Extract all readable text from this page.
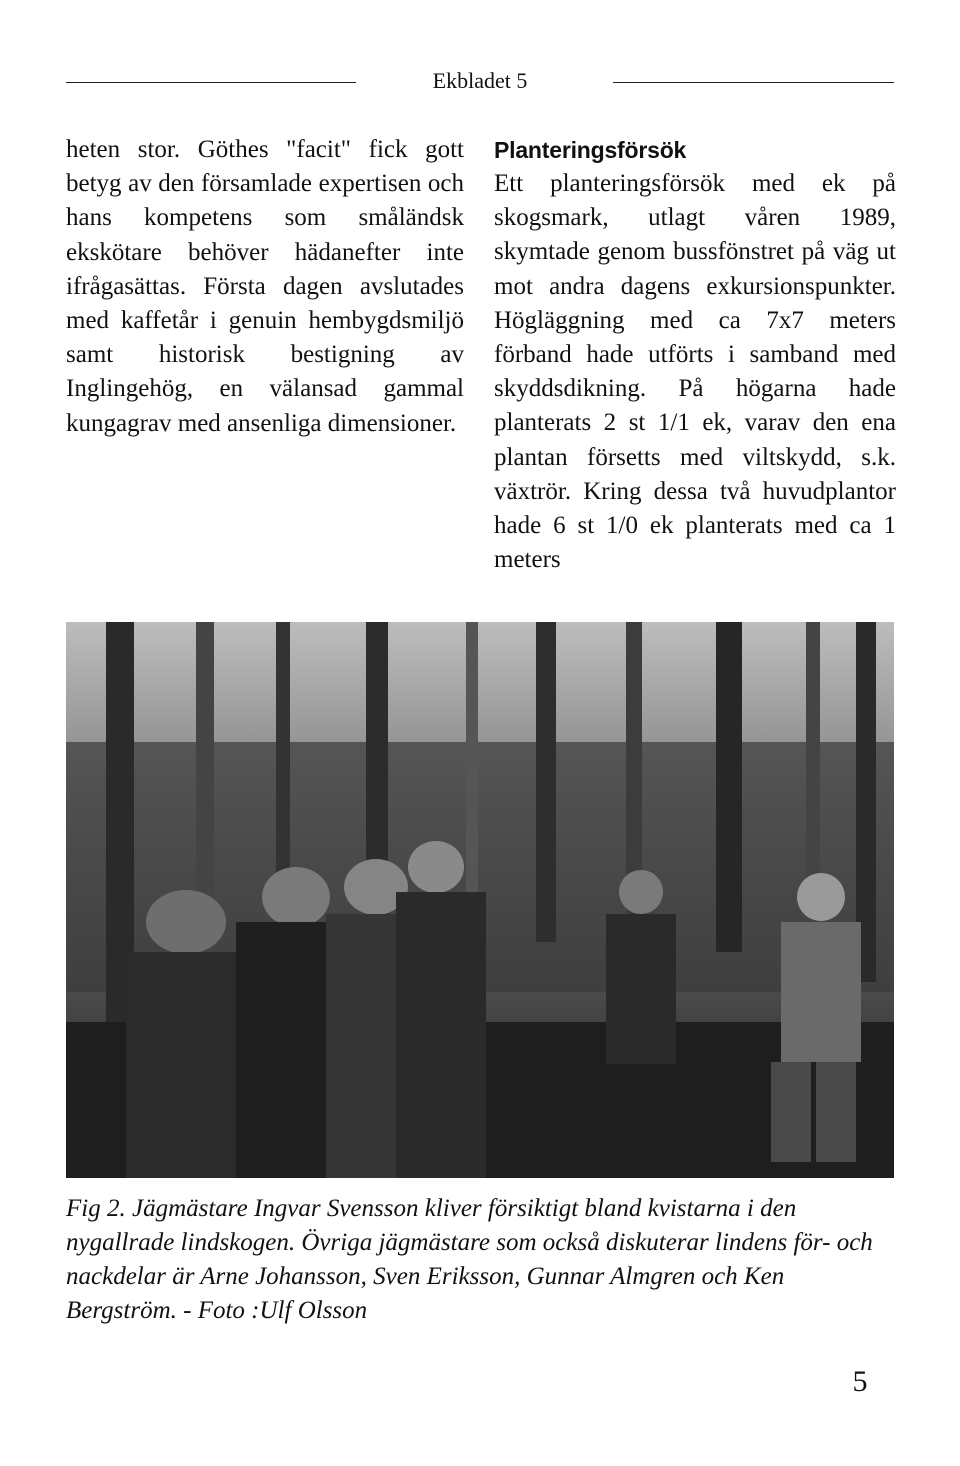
Ekbladet 5

heten stor. Göthes "facit" fick gott betyg av den församlade expertisen och hans kompetens som småländsk ekskötare behöver hädanefter inte ifrågasättas. Första dagen avslutades med kaffetår i genuin hembygdsmiljö samt historisk bestigning av Inglingehög, en välansad gammal kungagrav med ansenliga dimensioner.

Planteringsförsök

Ett planteringsförsök med ek på skogsmark, utlagt våren 1989, skymtade genom bussfönstret på väg ut mot andra dagens exkursionspunkter. Högläggning med ca 7x7 meters förband hade utförts i samband med skyddsdikning. På högarna hade planterats 2 st 1/1 ek, varav den ena plantan försetts med viltskydd, s.k. växtrör. Kring dessa två huvudplantor hade 6 st 1/0 ek planterats med ca 1 meters

Fig 2. Jägmästare Ingvar Svensson kliver försiktigt bland kvistarna i den nygallrade lindskogen. Övriga jägmästare som också diskuterar lindens för- och nackdelar är Arne Johansson, Sven Eriksson, Gunnar Almgren och Ken Bergström. - Foto :Ulf Olsson

5
